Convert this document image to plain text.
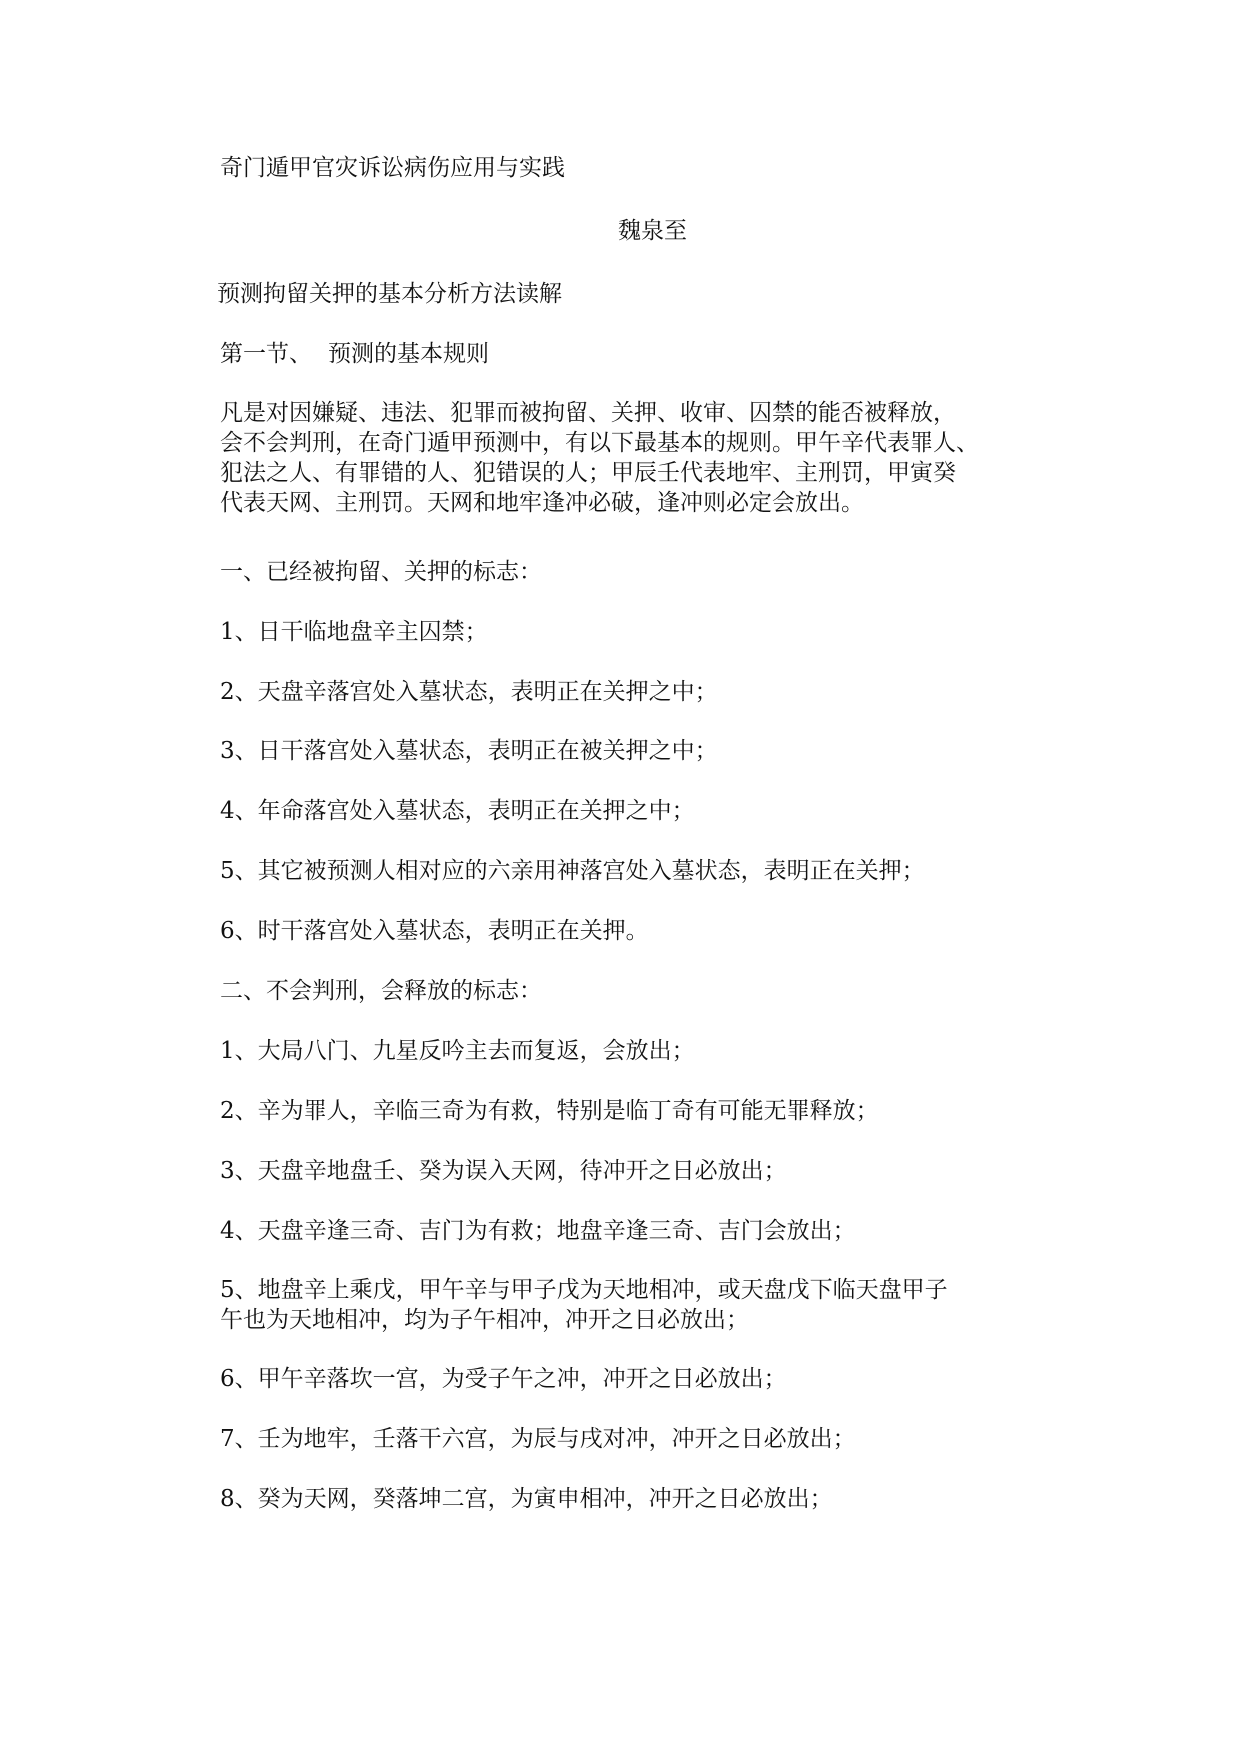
奇门遁甲官灾诉讼病伤应用与实践
魏泉至
预测拘留关押的基本分析方法读解
第一节、 预测的基本规则
凡是对因嫌疑、违法、犯罪而被拘留、关押、收审、囚禁的能否被释放，
会不会判刑，在奇门遁甲预测中，有以下最基本的规则。甲午辛代表罪人、
犯法之人、有罪错的人、犯错误的人；甲辰壬代表地牢、主刑罚，甲寅癸
代表天网、主刑罚。天网和地牢逢冲必破，逢冲则必定会放出。
一、已经被拘留、关押的标志：
1、日干临地盘辛主囚禁；
2、天盘辛落宫处入墓状态，表明正在关押之中；
3、日干落宫处入墓状态，表明正在被关押之中；
4、年命落宫处入墓状态，表明正在关押之中；
5、其它被预测人相对应的六亲用神落宫处入墓状态，表明正在关押；
6、时干落宫处入墓状态，表明正在关押。
二、不会判刑，会释放的标志：
1、大局八门、九星反吟主去而复返，会放出；
2、辛为罪人，辛临三奇为有救，特别是临丁奇有可能无罪释放；
3、天盘辛地盘壬、癸为误入天网，待冲开之日必放出；
4、天盘辛逢三奇、吉门为有救；地盘辛逢三奇、吉门会放出；
5、地盘辛上乘戊，甲午辛与甲子戊为天地相冲，或天盘戊下临天盘甲子
午也为天地相冲，均为子午相冲，冲开之日必放出；
6、甲午辛落坎一宫，为受子午之冲，冲开之日必放出；
7、壬为地牢，壬落干六宫，为辰与戌对冲，冲开之日必放出；
8、癸为天网，癸落坤二宫，为寅申相冲，冲开之日必放出；
